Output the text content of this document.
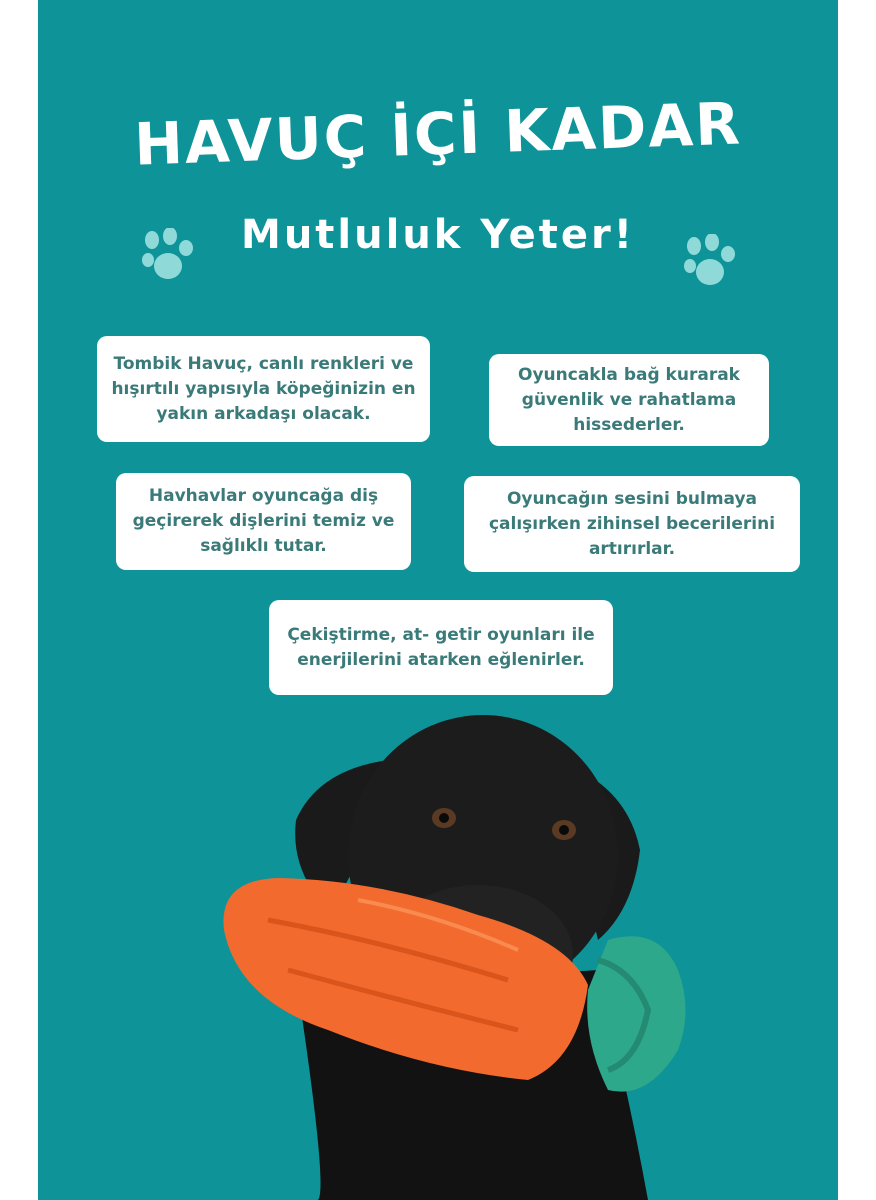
HAVUÇ İÇİ KADAR
Mutluluk Yeter!
Tombik Havuç, canlı renkleri ve hışırtılı yapısıyla köpeğinizin en yakın arkadaşı olacak.
Oyuncakla bağ kurarak güvenlik ve rahatlama hissederler.
Havhavlar oyuncağa diş geçirerek dişlerini temiz ve sağlıklı tutar.
Oyuncağın sesini bulmaya çalışırken zihinsel becerilerini artırırlar.
Çekiştirme, at- getir oyunları ile enerjilerini atarken eğlenirler.
